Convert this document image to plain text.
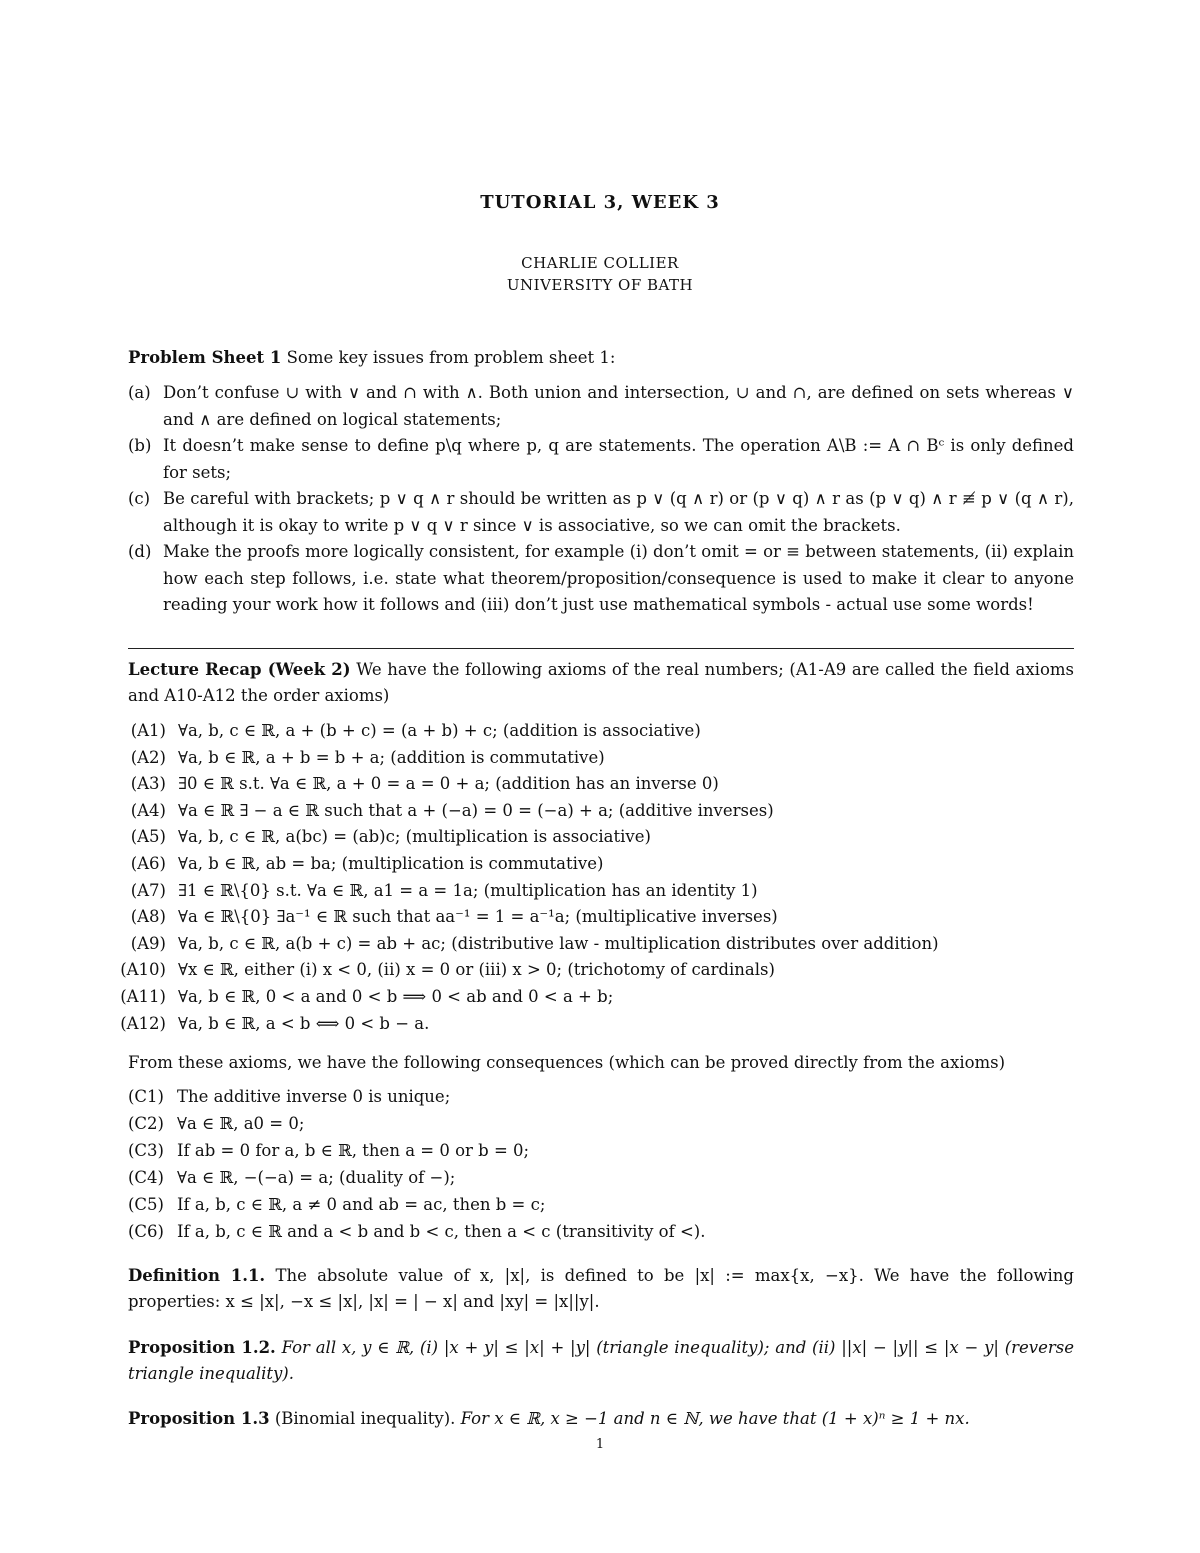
TUTORIAL 3, WEEK 3
CHARLIE COLLIER
UNIVERSITY OF BATH
Problem Sheet 1 Some key issues from problem sheet 1:
(a) Don’t confuse ∪ with ∨ and ∩ with ∧. Both union and intersection, ∪ and ∩, are defined on sets whereas ∨ and ∧ are defined on logical statements;
(b) It doesn’t make sense to define p\q where p, q are statements. The operation A\B := A ∩ Bᶜ is only defined for sets;
(c) Be careful with brackets; p ∨ q ∧ r should be written as p ∨ (q ∧ r) or (p ∨ q) ∧ r as (p ∨ q) ∧ r ≢ p ∨ (q ∧ r), although it is okay to write p ∨ q ∨ r since ∨ is associative, so we can omit the brackets.
(d) Make the proofs more logically consistent, for example (i) don’t omit = or ≡ between statements, (ii) explain how each step follows, i.e. state what theorem/proposition/consequence is used to make it clear to anyone reading your work how it follows and (iii) don’t just use mathematical symbols - actual use some words!
Lecture Recap (Week 2) We have the following axioms of the real numbers; (A1-A9 are called the field axioms and A10-A12 the order axioms)
(A1) ∀a, b, c ∈ ℝ, a + (b + c) = (a + b) + c; (addition is associative)
(A2) ∀a, b ∈ ℝ, a + b = b + a; (addition is commutative)
(A3) ∃0 ∈ ℝ s.t. ∀a ∈ ℝ, a + 0 = a = 0 + a; (addition has an inverse 0)
(A4) ∀a ∈ ℝ ∃ − a ∈ ℝ such that a + (−a) = 0 = (−a) + a; (additive inverses)
(A5) ∀a, b, c ∈ ℝ, a(bc) = (ab)c; (multiplication is associative)
(A6) ∀a, b ∈ ℝ, ab = ba; (multiplication is commutative)
(A7) ∃1 ∈ ℝ\{0} s.t. ∀a ∈ ℝ, a1 = a = 1a; (multiplication has an identity 1)
(A8) ∀a ∈ ℝ\{0} ∃a⁻¹ ∈ ℝ such that aa⁻¹ = 1 = a⁻¹a; (multiplicative inverses)
(A9) ∀a, b, c ∈ ℝ, a(b + c) = ab + ac; (distributive law - multiplication distributes over addition)
(A10) ∀x ∈ ℝ, either (i) x < 0, (ii) x = 0 or (iii) x > 0; (trichotomy of cardinals)
(A11) ∀a, b ∈ ℝ, 0 < a and 0 < b ⟹ 0 < ab and 0 < a + b;
(A12) ∀a, b ∈ ℝ, a < b ⟺ 0 < b − a.
From these axioms, we have the following consequences (which can be proved directly from the axioms)
(C1) The additive inverse 0 is unique;
(C2) ∀a ∈ ℝ, a0 = 0;
(C3) If ab = 0 for a, b ∈ ℝ, then a = 0 or b = 0;
(C4) ∀a ∈ ℝ, −(−a) = a; (duality of −);
(C5) If a, b, c ∈ ℝ, a ≠ 0 and ab = ac, then b = c;
(C6) If a, b, c ∈ ℝ and a < b and b < c, then a < c (transitivity of <).
Definition 1.1. The absolute value of x, |x|, is defined to be |x| := max{x, −x}. We have the following properties: x ≤ |x|, −x ≤ |x|, |x| = | − x| and |xy| = |x||y|.
Proposition 1.2. For all x, y ∈ ℝ, (i) |x + y| ≤ |x| + |y| (triangle inequality); and (ii) ||x| − |y|| ≤ |x − y| (reverse triangle inequality).
Proposition 1.3 (Binomial inequality). For x ∈ ℝ, x ≥ −1 and n ∈ ℕ, we have that (1 + x)ⁿ ≥ 1 + nx.
1
